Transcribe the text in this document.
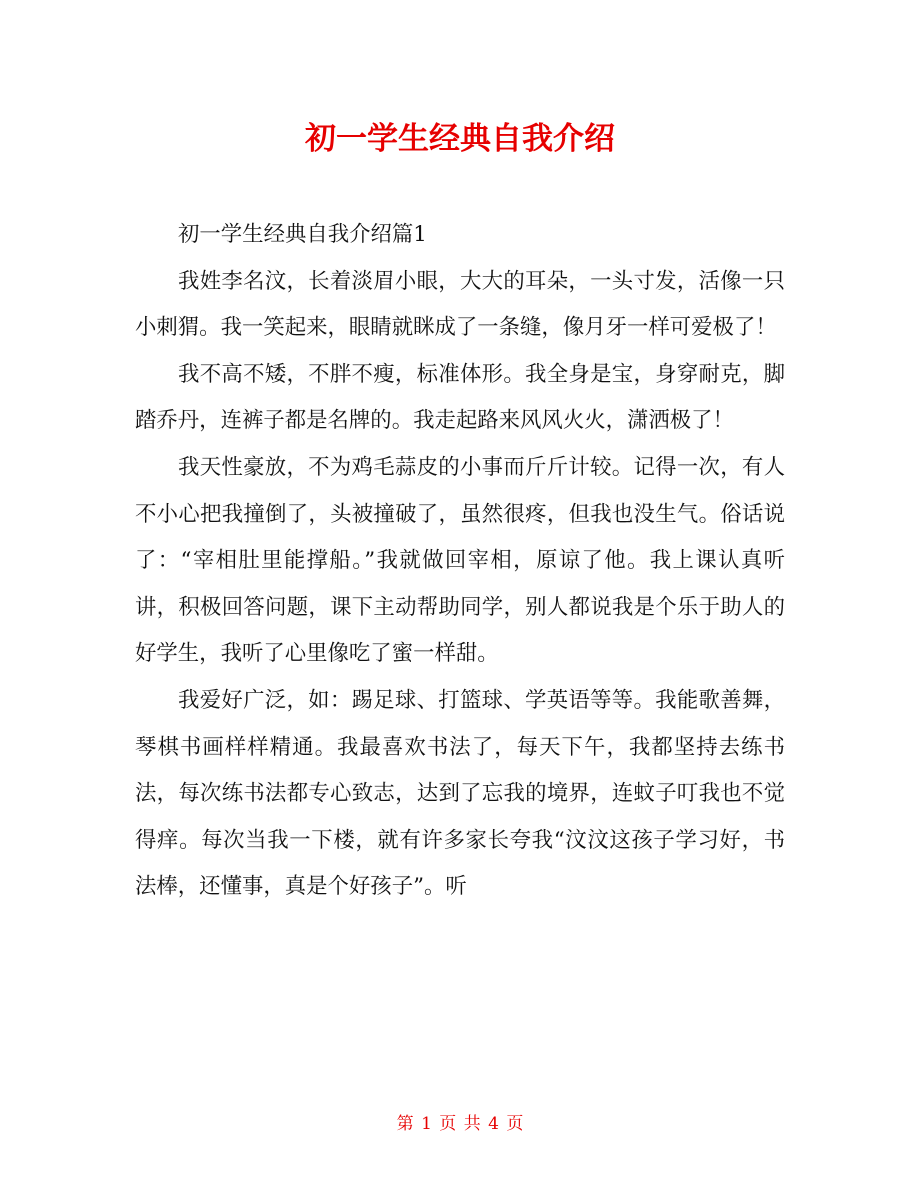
初一学生经典自我介绍

初一学生经典自我介绍篇1

我姓李名汶，长着淡眉小眼，大大的耳朵，一头寸发，活像一只小刺猬。我一笑起来，眼睛就眯成了一条缝，像月牙一样可爱极了！

我不高不矮，不胖不瘦，标准体形。我全身是宝，身穿耐克，脚踏乔丹，连裤子都是名牌的。我走起路来风风火火，潇洒极了！

我天性豪放，不为鸡毛蒜皮的小事而斤斤计较。记得一次，有人不小心把我撞倒了，头被撞破了，虽然很疼，但我也没生气。俗话说了：“宰相肚里能撑船。”我就做回宰相，原谅了他。我上课认真听讲，积极回答问题，课下主动帮助同学，别人都说我是个乐于助人的好学生，我听了心里像吃了蜜一样甜。

我爱好广泛，如：踢足球、打篮球、学英语等等。我能歌善舞，琴棋书画样样精通。我最喜欢书法了，每天下午，我都坚持去练书法，每次练书法都专心致志，达到了忘我的境界，连蚊子叮我也不觉得痒。每次当我一下楼，就有许多家长夸我“汶汶这孩子学习好，书法棒，还懂事，真是个好孩子”。听

第 1 页 共 4 页
